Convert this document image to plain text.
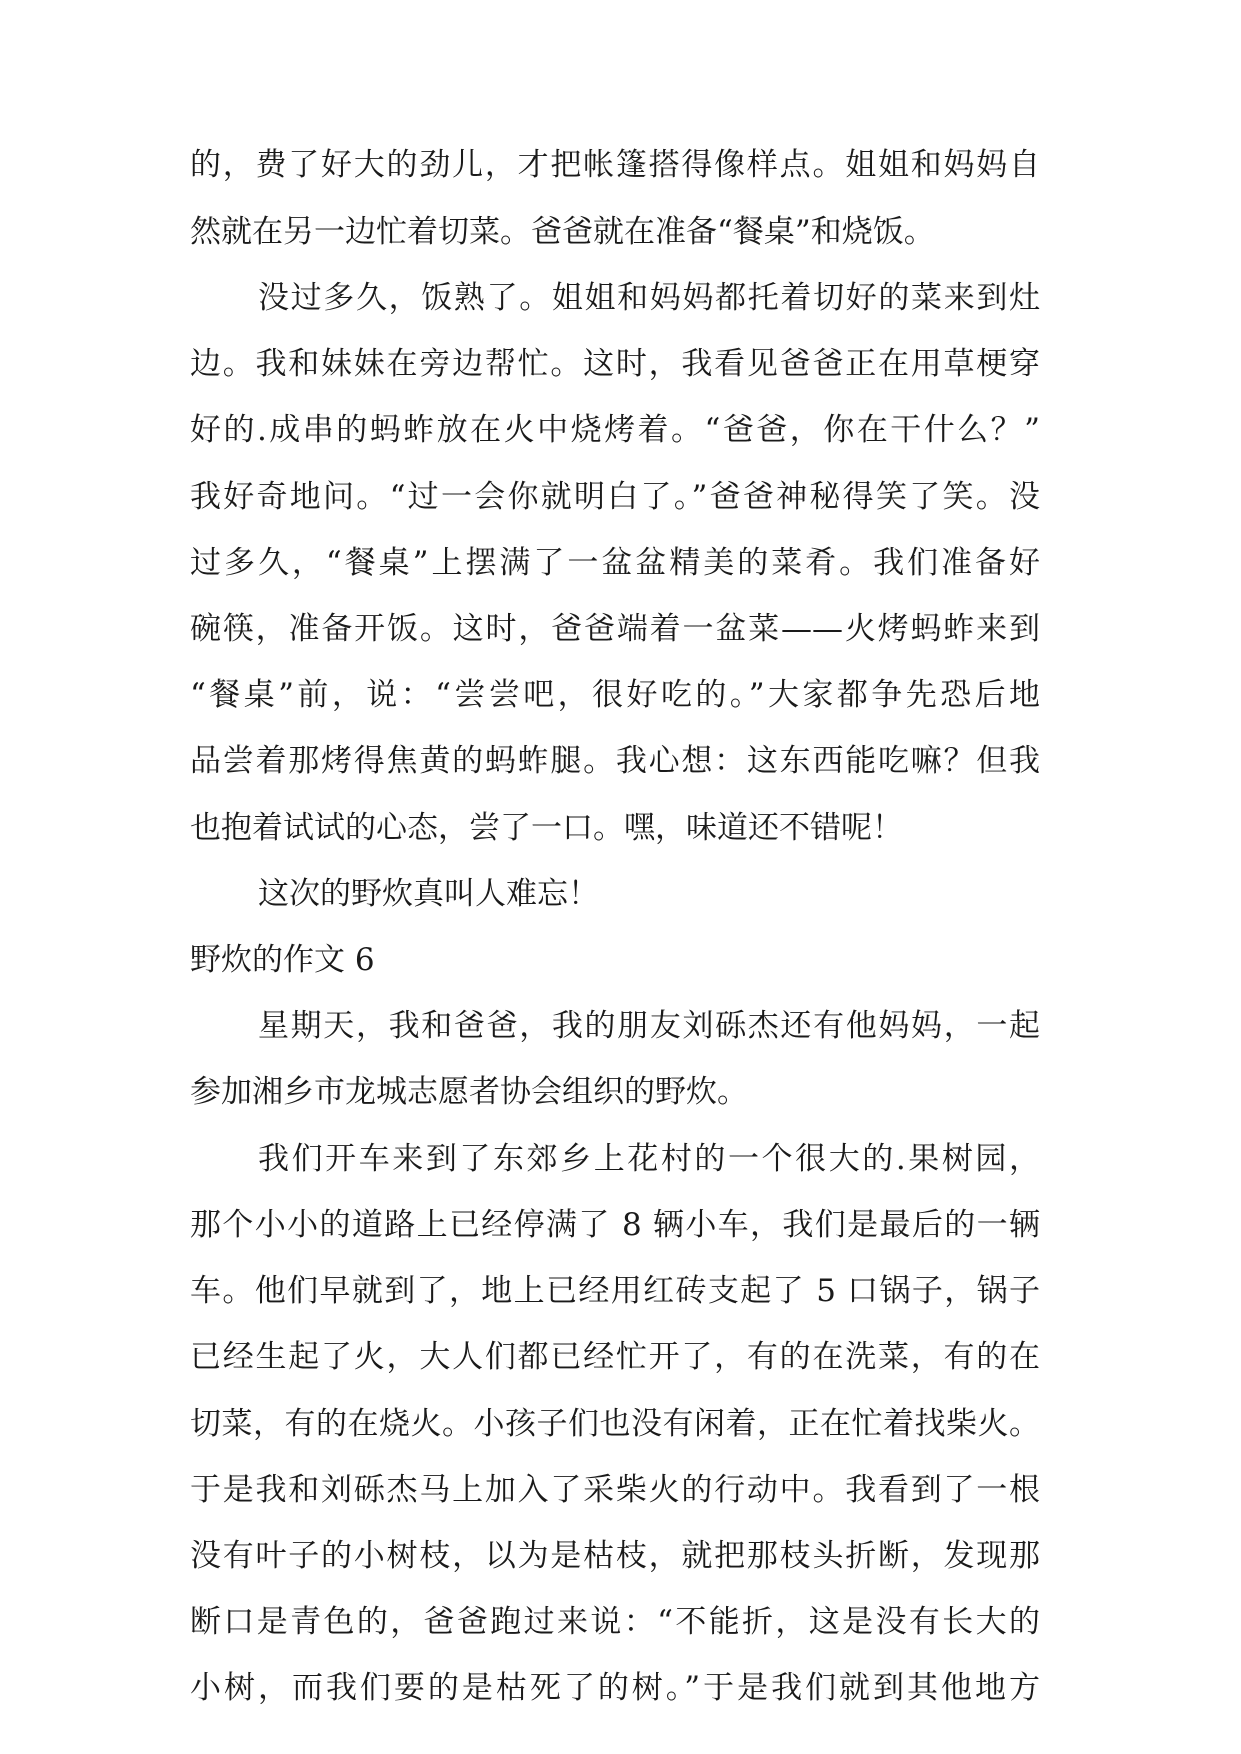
的，费了好大的劲儿，才把帐篷搭得像样点。姐姐和妈妈自
然就在另一边忙着切菜。爸爸就在准备“餐桌”和烧饭。
没过多久，饭熟了。姐姐和妈妈都托着切好的菜来到灶
边。我和妹妹在旁边帮忙。这时，我看见爸爸正在用草梗穿
好的.成串的蚂蚱放在火中烧烤着。“爸爸，你在干什么？”
我好奇地问。“过一会你就明白了。”爸爸神秘得笑了笑。没
过多久，“餐桌”上摆满了一盆盆精美的菜肴。我们准备好
碗筷，准备开饭。这时，爸爸端着一盆菜——火烤蚂蚱来到
“餐桌”前，说：“尝尝吧，很好吃的。”大家都争先恐后地
品尝着那烤得焦黄的蚂蚱腿。我心想：这东西能吃嘛？但我
也抱着试试的心态，尝了一口。嘿，味道还不错呢！
这次的野炊真叫人难忘！
野炊的作文 6
星期天，我和爸爸，我的朋友刘砾杰还有他妈妈，一起
参加湘乡市龙城志愿者协会组织的野炊。
我们开车来到了东郊乡上花村的一个很大的.果树园，
那个小小的道路上已经停满了 8 辆小车，我们是最后的一辆
车。他们早就到了，地上已经用红砖支起了 5 口锅子，锅子
已经生起了火，大人们都已经忙开了，有的在洗菜，有的在
切菜，有的在烧火。小孩子们也没有闲着，正在忙着找柴火。
于是我和刘砾杰马上加入了采柴火的行动中。我看到了一根
没有叶子的小树枝，以为是枯枝，就把那枝头折断，发现那
断口是青色的，爸爸跑过来说：“不能折，这是没有长大的
小树，而我们要的是枯死了的树。”于是我们就到其他地方
